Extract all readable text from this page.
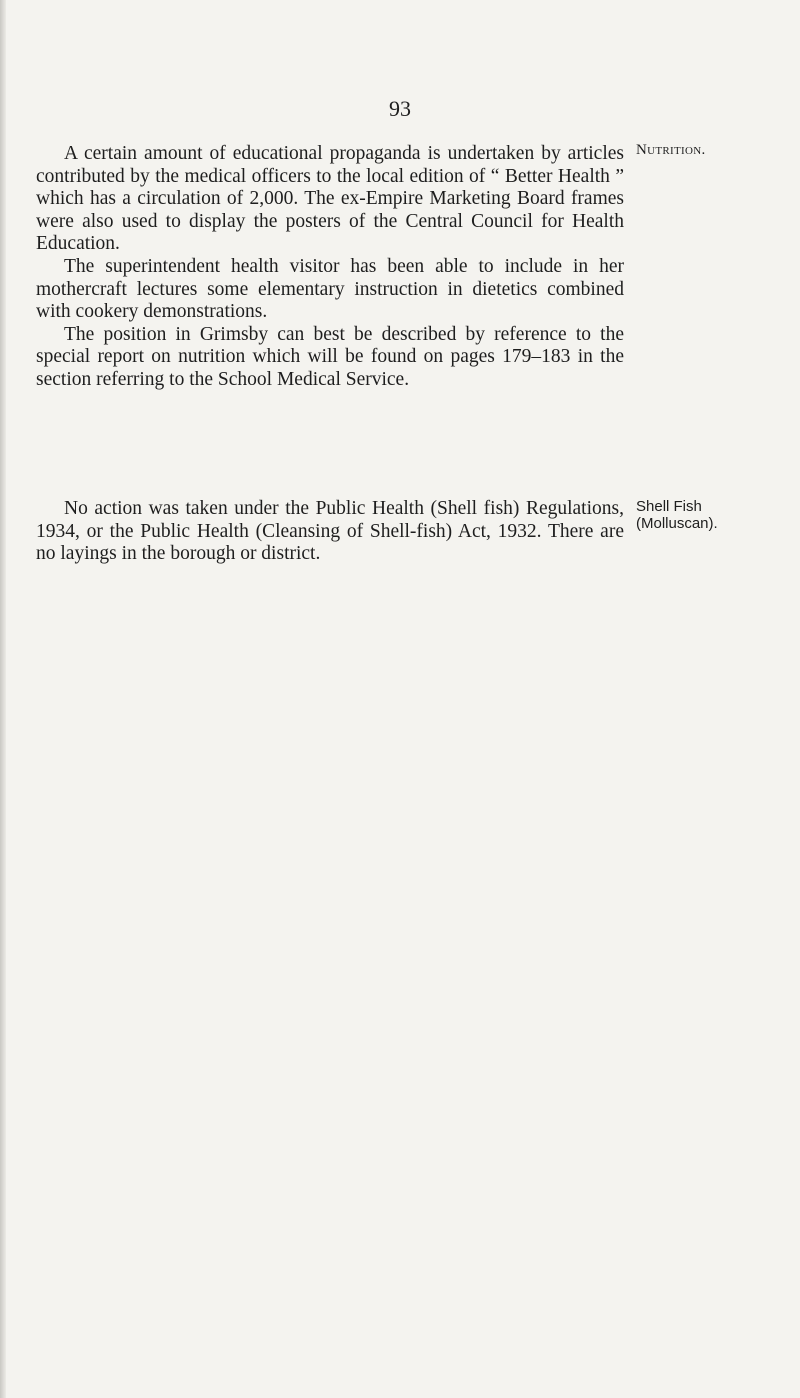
93

A certain amount of educational propaganda is undertaken by articles contributed by the medical officers to the local edition of “ Better Health ” which has a circulation of 2,000. The ex-Empire Marketing Board frames were also used to display the posters of the Central Council for Health Education.

The superintendent health visitor has been able to include in her mothercraft lectures some elementary instruction in dietetics combined with cookery demonstrations.

The position in Grimsby can best be described by reference to the special report on nutrition which will be found on pages 179–183 in the section referring to the School Medical Service.

No action was taken under the Public Health (Shell fish) Regulations, 1934, or the Public Health (Cleansing of Shell-fish) Act, 1932. There are no layings in the borough or district.

Nutrition.
Shell Fish
(Molluscan).
